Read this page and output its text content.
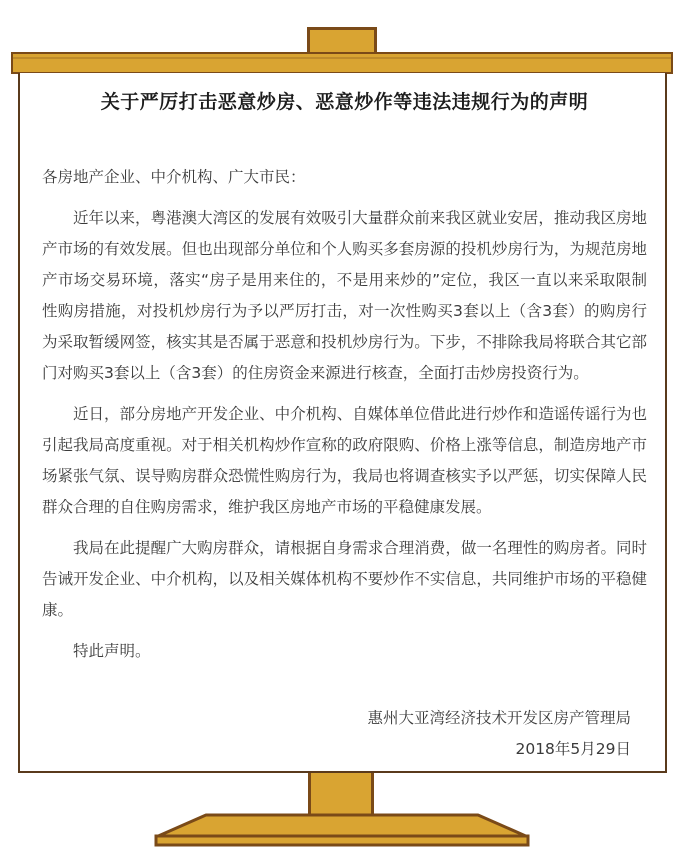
关于严厉打击恶意炒房、恶意炒作等违法违规行为的声明

各房地产企业、中介机构、广大市民：

近年以来，粤港澳大湾区的发展有效吸引大量群众前来我区就业安居，推动我区房地产市场的有效发展。但也出现部分单位和个人购买多套房源的投机炒房行为，为规范房地产市场交易环境，落实“房子是用来住的，不是用来炒的”定位，我区一直以来采取限制性购房措施，对投机炒房行为予以严厉打击，对一次性购买3套以上（含3套）的购房行为采取暂缓网签，核实其是否属于恶意和投机炒房行为。下步，不排除我局将联合其它部门对购买3套以上（含3套）的住房资金来源进行核查，全面打击炒房投资行为。

近日，部分房地产开发企业、中介机构、自媒体单位借此进行炒作和造谣传谣行为也引起我局高度重视。对于相关机构炒作宣称的政府限购、价格上涨等信息，制造房地产市场紧张气氛、误导购房群众恐慌性购房行为，我局也将调查核实予以严惩，切实保障人民群众合理的自住购房需求，维护我区房地产市场的平稳健康发展。

我局在此提醒广大购房群众，请根据自身需求合理消费，做一名理性的购房者。同时告诫开发企业、中介机构，以及相关媒体机构不要炒作不实信息，共同维护市场的平稳健康。

特此声明。

惠州大亚湾经济技术开发区房产管理局
2018年5月29日
